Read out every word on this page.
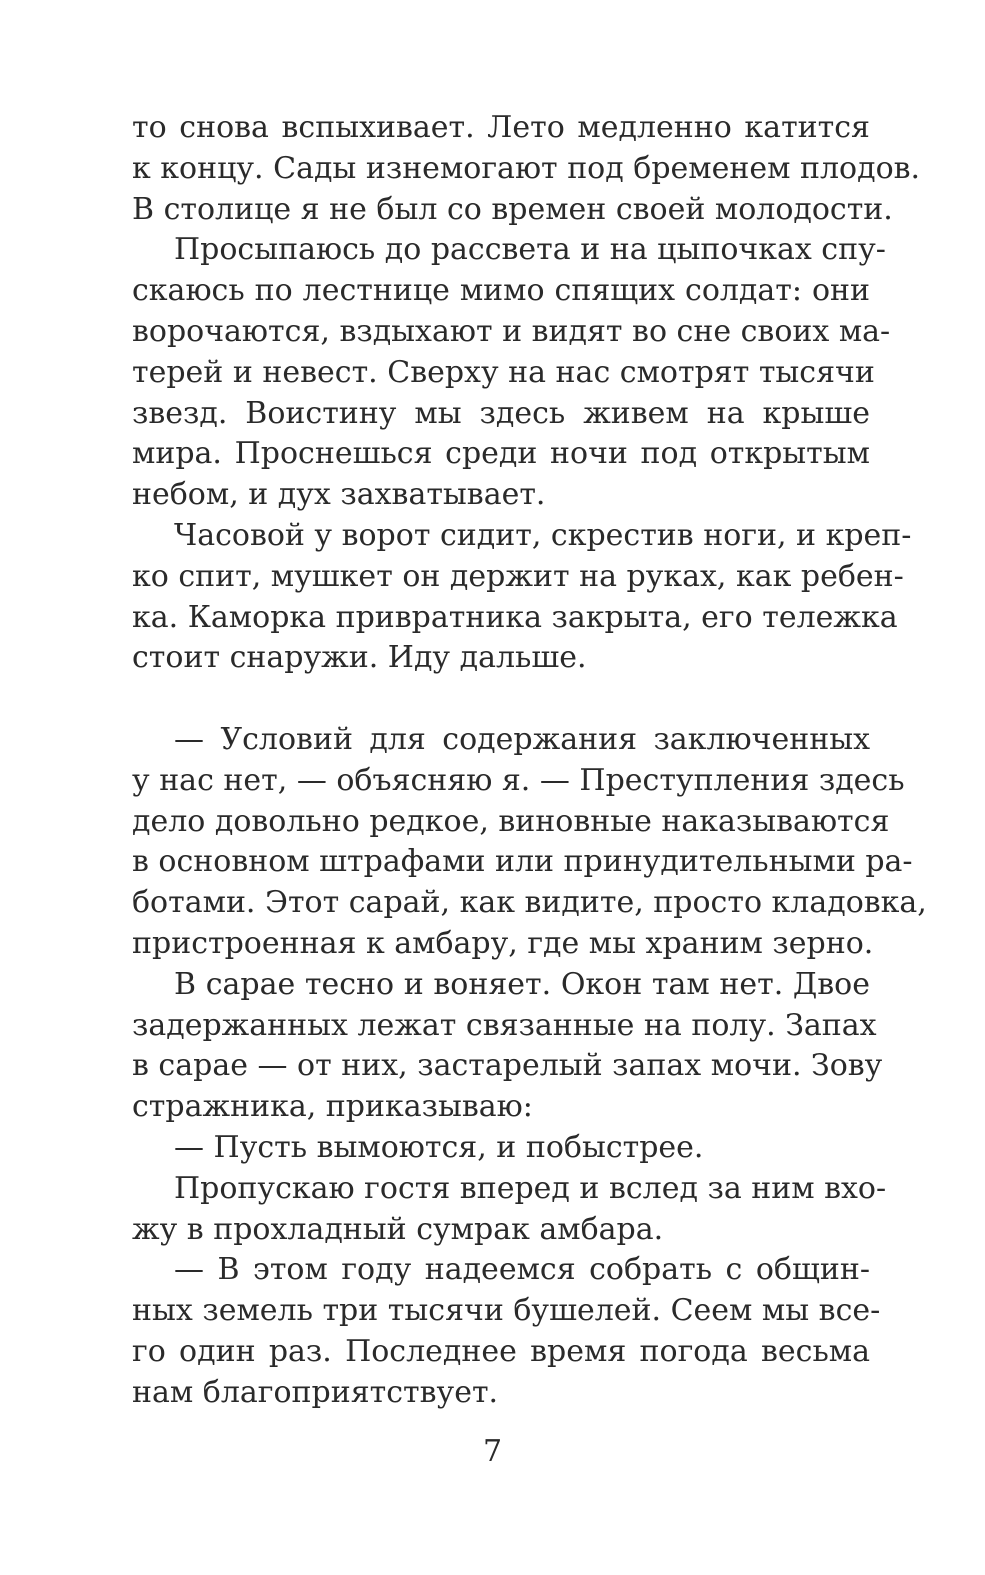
то снова вспыхивает. Лето медленно катится
к концу. Сады изнемогают под бременем плодов.
В столице я не был со времен своей молодости.
Просыпаюсь до рассвета и на цыпочках спу-
скаюсь по лестнице мимо спящих солдат: они
ворочаются, вздыхают и видят во сне своих ма-
терей и невест. Сверху на нас смотрят тысячи
звезд. Воистину мы здесь живем на крыше
мира. Проснешься среди ночи под открытым
небом, и дух захватывает.
Часовой у ворот сидит, скрестив ноги, и креп-
ко спит, мушкет он держит на руках, как ребен-
ка. Каморка привратника закрыта, его тележка
стоит снаружи. Иду дальше.
— Условий для содержания заключенных
у нас нет, — объясняю я. — Преступления здесь
дело довольно редкое, виновные наказываются
в основном штрафами или принудительными ра-
ботами. Этот сарай, как видите, просто кладовка,
пристроенная к амбару, где мы храним зерно.
В сарае тесно и воняет. Окон там нет. Двое
задержанных лежат связанные на полу. Запах
в сарае — от них, застарелый запах мочи. Зову
стражника, приказываю:
— Пусть вымоются, и побыстрее.
Пропускаю гостя вперед и вслед за ним вхо-
жу в прохладный сумрак амбара.
— В этом году надеемся собрать с общин-
ных земель три тысячи бушелей. Сеем мы все-
го один раз. Последнее время погода весьма
нам благоприятствует.
7
